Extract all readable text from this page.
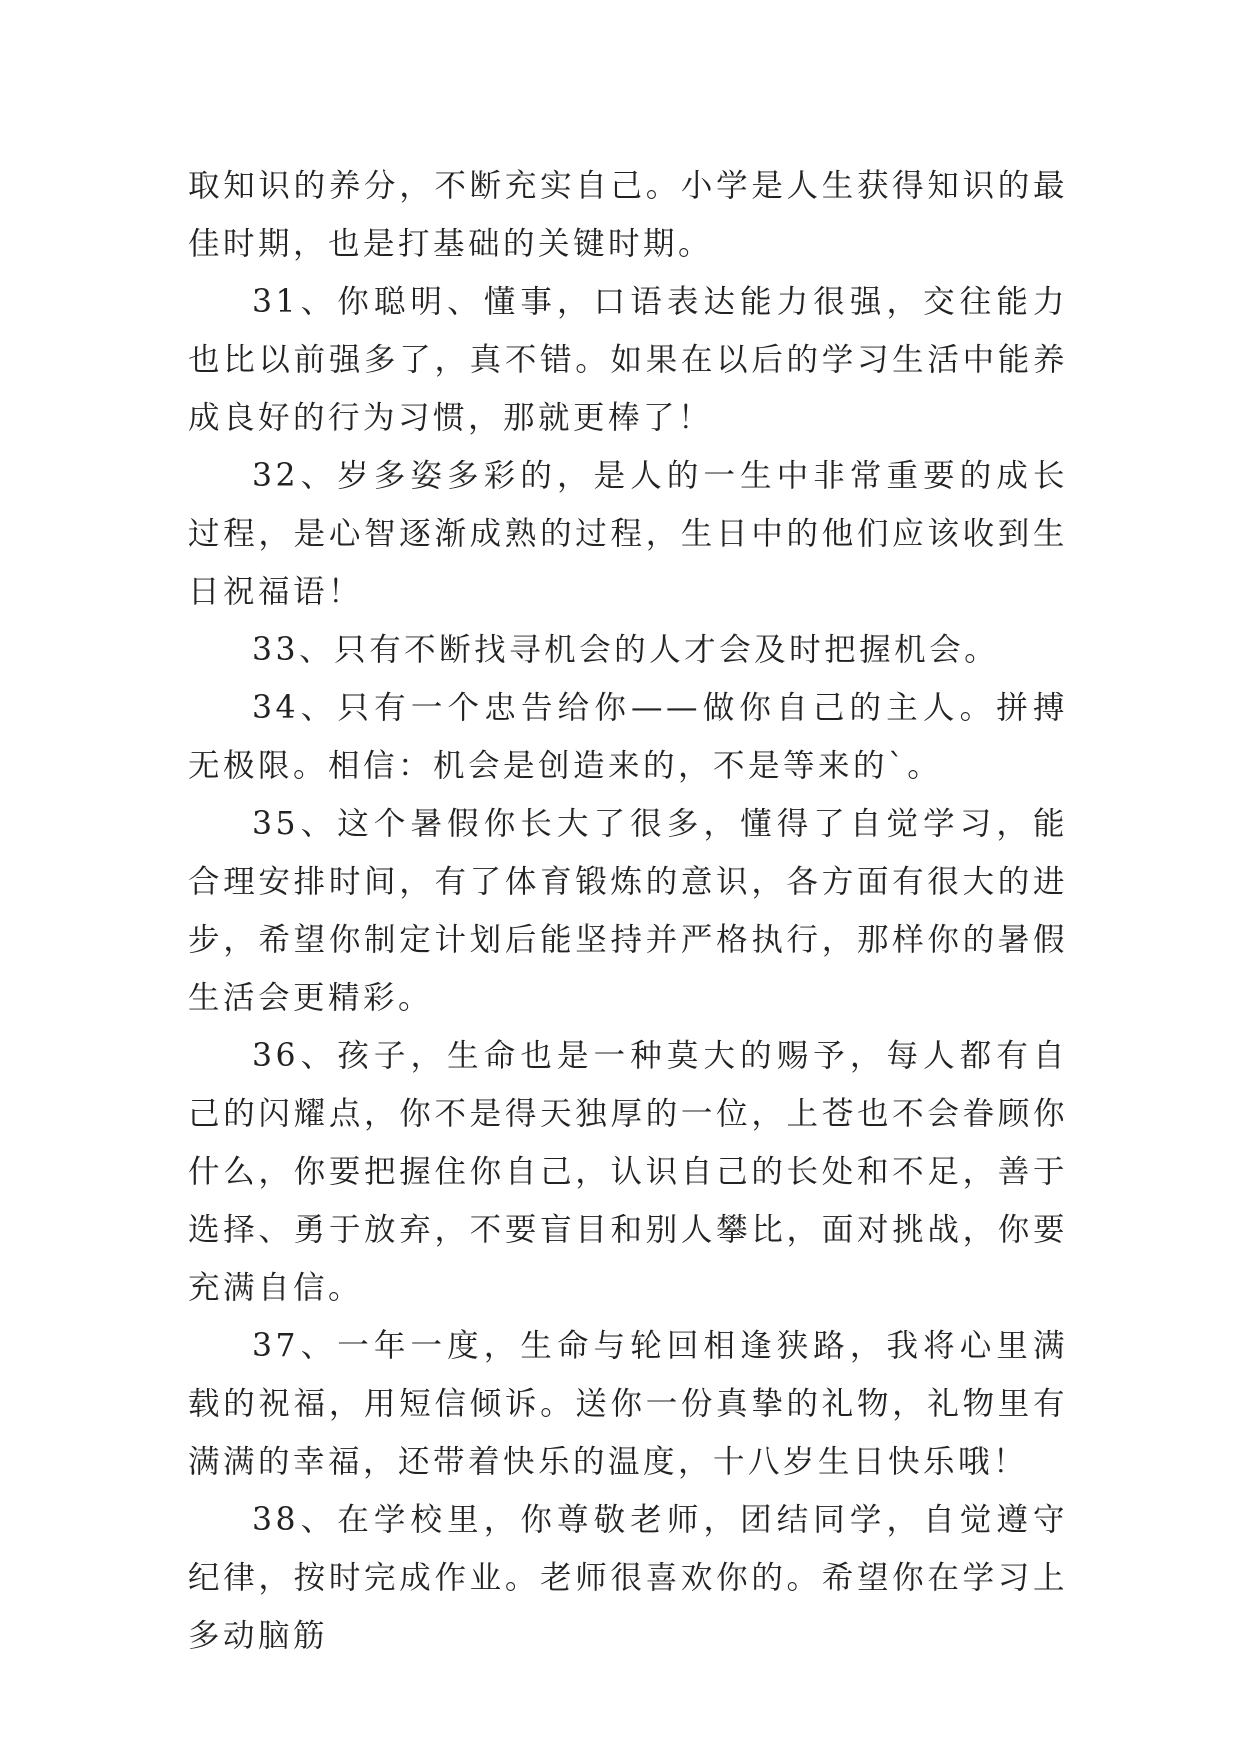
取知识的养分，不断充实自己。小学是人生获得知识的最佳时期，也是打基础的关键时期。

31、你聪明、懂事，口语表达能力很强，交往能力也比以前强多了，真不错。如果在以后的学习生活中能养成良好的行为习惯，那就更棒了！

32、岁多姿多彩的，是人的一生中非常重要的成长过程，是心智逐渐成熟的过程，生日中的他们应该收到生日祝福语！

33、只有不断找寻机会的人才会及时把握机会。

34、只有一个忠告给你——做你自己的主人。拼搏无极限。相信：机会是创造来的，不是等来的`。

35、这个暑假你长大了很多，懂得了自觉学习，能合理安排时间，有了体育锻炼的意识，各方面有很大的进步，希望你制定计划后能坚持并严格执行，那样你的暑假生活会更精彩。

36、孩子，生命也是一种莫大的赐予，每人都有自己的闪耀点，你不是得天独厚的一位，上苍也不会眷顾你什么，你要把握住你自己，认识自己的长处和不足，善于选择、勇于放弃，不要盲目和别人攀比，面对挑战，你要充满自信。

37、一年一度，生命与轮回相逢狭路，我将心里满载的祝福，用短信倾诉。送你一份真挚的礼物，礼物里有满满的幸福，还带着快乐的温度，十八岁生日快乐哦！

38、在学校里，你尊敬老师，团结同学，自觉遵守纪律，按时完成作业。老师很喜欢你的。希望你在学习上多动脑筋
